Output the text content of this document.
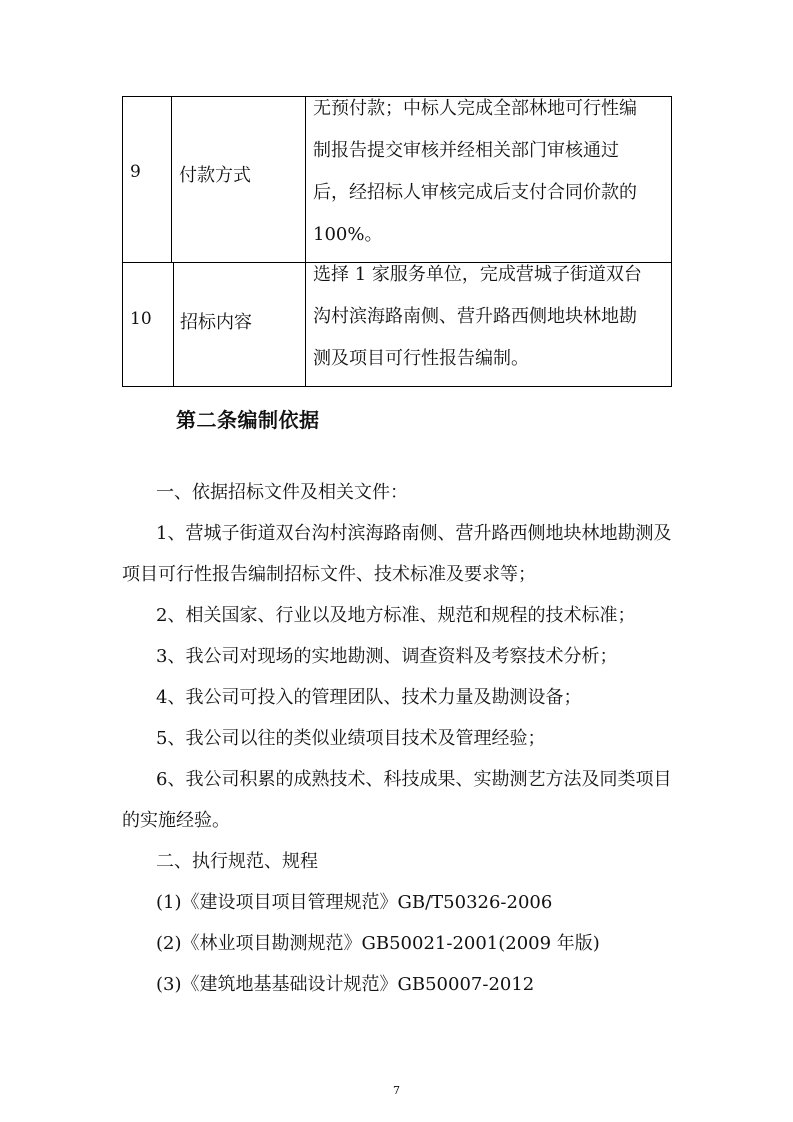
9 付款方式
无预付款；中标人完成全部林地可行性编
制报告提交审核并经相关部门审核通过
后，经招标人审核完成后支付合同价款的
100%。
10 招标内容
选择 1 家服务单位，完成营城子街道双台
沟村滨海路南侧、营升路西侧地块林地勘
测及项目可行性报告编制。
第二条编制依据
一、依据招标文件及相关文件：
1、营城子街道双台沟村滨海路南侧、营升路西侧地块林地勘测及项目可行性报告编制招标文件、技术标准及要求等；
2、相关国家、行业以及地方标准、规范和规程的技术标准；
3、我公司对现场的实地勘测、调查资料及考察技术分析；
4、我公司可投入的管理团队、技术力量及勘测设备；
5、我公司以往的类似业绩项目技术及管理经验；
6、我公司积累的成熟技术、科技成果、实勘测艺方法及同类项目的实施经验。
二、执行规范、规程
(1)《建设项目项目管理规范》GB/T50326-2006
(2)《林业项目勘测规范》GB50021-2001(2009 年版)
(3)《建筑地基基础设计规范》GB50007-2012
7
